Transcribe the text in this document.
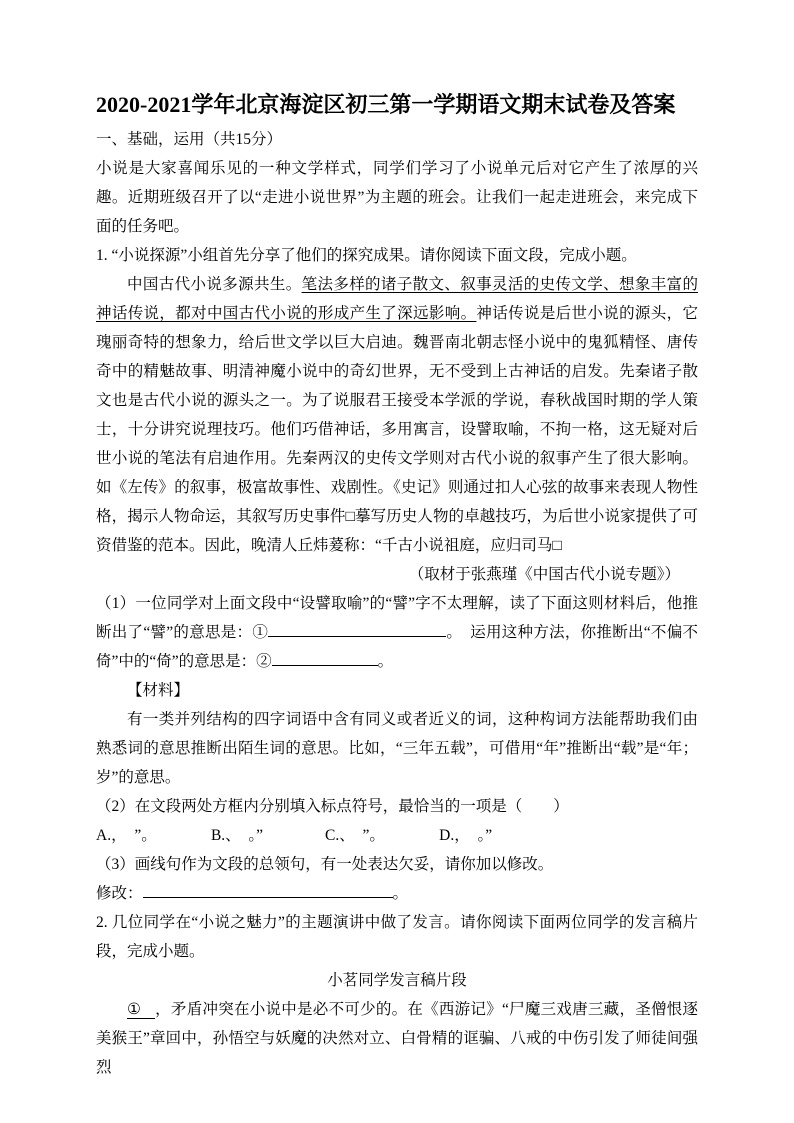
2020-2021学年北京海淀区初三第一学期语文期末试卷及答案

一、基础，运用（共15分）

小说是大家喜闻乐见的一种文学样式，同学们学习了小说单元后对它产生了浓厚的兴趣。近期班级召开了以“走进小说世界”为主题的班会。让我们一起走进班会，来完成下面的任务吧。

1. “小说探源”小组首先分享了他们的探究成果。请你阅读下面文段，完成小题。

中国古代小说多源共生。笔法多样的诸子散文、叙事灵活的史传文学、想象丰富的神话传说，都对中国古代小说的形成产生了深远影响。神话传说是后世小说的源头，它瑰丽奇特的想象力，给后世文学以巨大启迪。魏晋南北朝志怪小说中的鬼狐精怪、唐传奇中的精魅故事、明清神魔小说中的奇幻世界，无不受到上古神话的启发。先秦诸子散文也是古代小说的源头之一。为了说服君王接受本学派的学说，春秋战国时期的学人策士，十分讲究说理技巧。他们巧借神话，多用寓言，设譬取喻，不拘一格，这无疑对后世小说的笔法有启迪作用。先秦两汉的史传文学则对古代小说的叙事产生了很大影响。如《左传》的叙事，极富故事性、戏剧性。《史记》则通过扣人心弦的故事来表现人物性格，揭示人物命运，其叙写历史事件□摹写历史人物的卓越技巧，为后世小说家提供了可资借鉴的范本。因此，晚清人丘炜萲称：“千古小说祖庭，应归司马□

（取材于张燕瑾《中国古代小说专题》）

（1）一位同学对上面文段中“设譬取喻”的“譬”字不太理解，读了下面这则材料后，他推断出了“譬”的意思是：①	。　运用这种方法，你推断出“不偏不倚”中的“倚”的意思是：②	。

【材料】

有一类并列结构的四字词语中含有同义或者近义的词，这种构词方法能帮助我们由熟悉词的意思推断出陌生词的意思。比如，“三年五载”，可借用“年”推断出“载”是“年；岁”的意思。

（2）在文段两处方框内分别填入标点符号，最恰当的一项是（　　）

A.，　”。　　　　B.、　。”　　　　C.、　”。　　　　D.，　。”

（3）画线句作为文段的总领句，有一处表达欠妥，请你加以修改。

修改：	。

2. 几位同学在“小说之魅力”的主题演讲中做了发言。请你阅读下面两位同学的发言稿片段，完成小题。

小茗同学发言稿片段

① ，矛盾冲突在小说中是必不可少的。在《西游记》“尸魔三戏唐三藏，圣僧恨逐美猴王”章回中，孙悟空与妖魔的决然对立、白骨精的诓骗、八戒的中伤引发了师徒间强烈
